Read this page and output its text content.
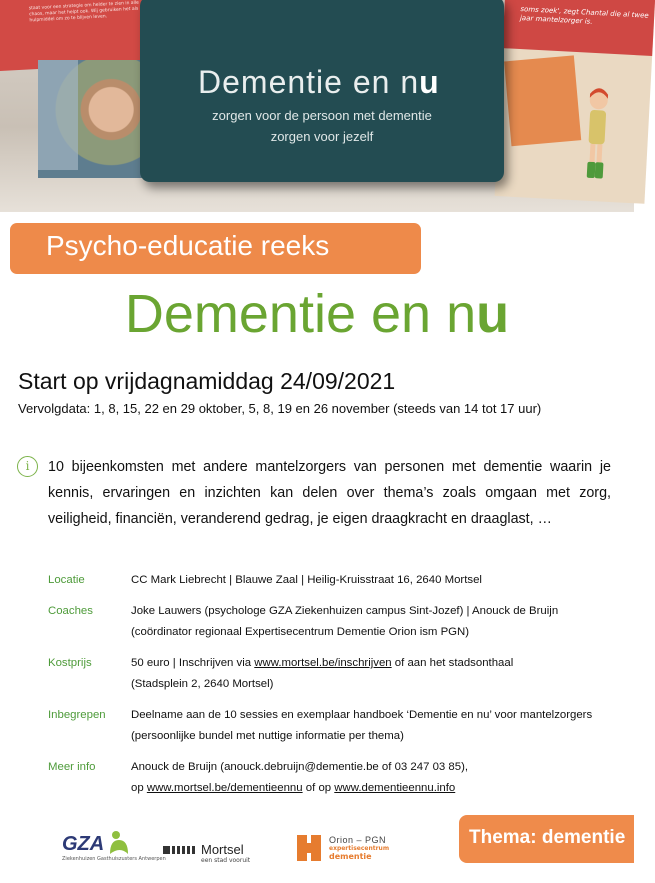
staat voor een strategie om helder te zien in alle chaos, maar het helpt ook. Wij gebruiken het als hulpmiddel om zo te blijven leven.	soms zoek', zegt Chantal die al twee jaar mantelzorger is.
Dementie en nu
zorgen voor de persoon met dementie
zorgen voor jezelf
Psycho-educatie reeks
Dementie en nu
Start op vrijdagnamiddag 24/09/2021
Vervolgdata: 1, 8, 15, 22 en 29 oktober, 5, 8, 19 en 26 november (steeds van 14 tot 17 uur)
i	10 bijeenkomsten met andere mantelzorgers van personen met dementie waarin je kennis, ervaringen en inzichten kan delen over thema’s zoals omgaan met zorg, veiligheid, financiën, veranderend gedrag, je eigen draagkracht en draaglast, …
Locatie	CC Mark Liebrecht | Blauwe Zaal | Heilig-Kruisstraat 16, 2640 Mortsel
Coaches	Joke Lauwers (psychologe GZA Ziekenhuizen campus Sint-Jozef) | Anouck de Bruijn
(coördinator regionaal Expertisecentrum Dementie Orion ism PGN)
Kostprijs	50 euro | Inschrijven via www.mortsel.be/inschrijven of aan het stadsonthaal
(Stadsplein 2, 2640 Mortsel)
Inbegrepen	Deelname aan de 10 sessies en exemplaar handboek ‘Dementie en nu’ voor mantelzorgers
(persoonlijke bundel met nuttige informatie per thema)
Meer info	Anouck de Bruijn (anouck.debruijn@dementie.be of 03 247 03 85),
op www.mortsel.be/dementieennu of op www.dementieennu.info
GZA
Ziekenhuizen Gasthuiszusters Antwerpen
Mortsel
een stad vooruit
Orion – PGN
expertisecentrum
dementie
Thema: dementie
